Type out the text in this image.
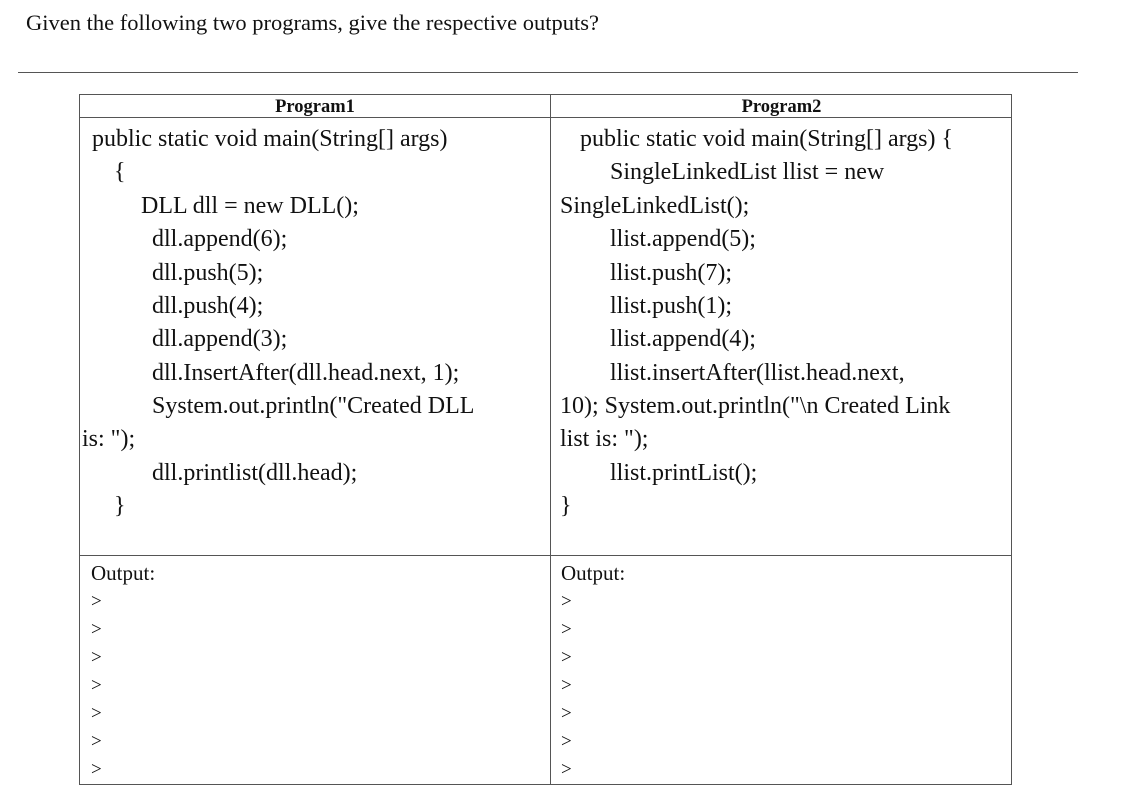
Given the following two programs, give the respective outputs?
Program1	Program2
public static void main(String[] args)
{
DLL dll = new DLL();
dll.append(6);
dll.push(5);
dll.push(4);
dll.append(3);
dll.InsertAfter(dll.head.next, 1);
System.out.println("Created DLL
is: ");
dll.printlist(dll.head);
}
public static void main(String[] args) {
SingleLinkedList llist = new
SingleLinkedList();
llist.append(5);
llist.push(7);
llist.push(1);
llist.append(4);
llist.insertAfter(llist.head.next,
10); System.out.println("\n Created Link
list is: ");
llist.printList();
}
Output:
>
>
>
>
>
>
>
Output:
>
>
>
>
>
>
>
